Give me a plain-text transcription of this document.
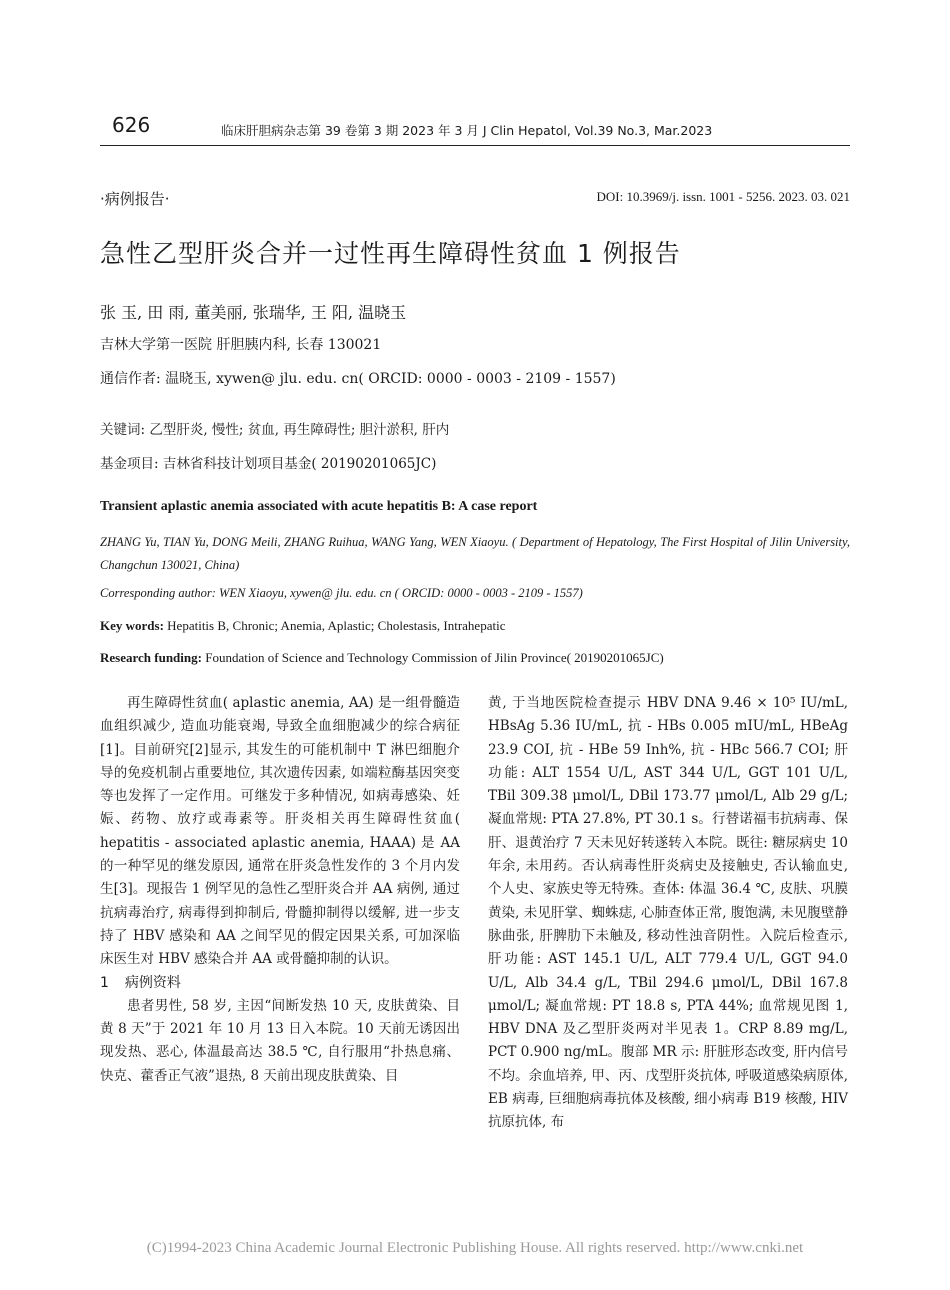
626	临床肝胆病杂志第 39 卷第 3 期 2023 年 3 月 J Clin Hepatol, Vol.39 No.3, Mar.2023
·病例报告·	DOI: 10.3969/j. issn. 1001 - 5256. 2023. 03. 021
急性乙型肝炎合并一过性再生障碍性贫血 1 例报告
张 玉, 田 雨, 董美丽, 张瑞华, 王 阳, 温晓玉
吉林大学第一医院 肝胆胰内科, 长春 130021
通信作者: 温晓玉, xywen@ jlu. edu. cn( ORCID: 0000 - 0003 - 2109 - 1557)
关键词: 乙型肝炎, 慢性; 贫血, 再生障碍性; 胆汁淤积, 肝内
基金项目: 吉林省科技计划项目基金( 20190201065JC)
Transient aplastic anemia associated with acute hepatitis B: A case report
ZHANG Yu, TIAN Yu, DONG Meili, ZHANG Ruihua, WANG Yang, WEN Xiaoyu. ( Department of Hepatology, The First Hospital of Jilin University, Changchun 130021, China)
Corresponding author: WEN Xiaoyu, xywen@ jlu. edu. cn ( ORCID: 0000 - 0003 - 2109 - 1557)
Key words: Hepatitis B, Chronic; Anemia, Aplastic; Cholestasis, Intrahepatic
Research funding: Foundation of Science and Technology Commission of Jilin Province( 20190201065JC)

再生障碍性贫血( aplastic anemia, AA) 是一组骨髓造血组织减少, 造血功能衰竭, 导致全血细胞减少的综合病征[1]。目前研究[2]显示, 其发生的可能机制中 T 淋巴细胞介导的免疫机制占重要地位, 其次遗传因素, 如端粒酶基因突变等也发挥了一定作用。可继发于多种情况, 如病毒感染、妊娠、药物、放疗或毒素等。肝炎相关再生障碍性贫血( hepatitis - associated aplastic anemia, HAAA) 是 AA 的一种罕见的继发原因, 通常在肝炎急性发作的 3 个月内发生[3]。现报告 1 例罕见的急性乙型肝炎合并 AA 病例, 通过抗病毒治疗, 病毒得到抑制后, 骨髓抑制得以缓解, 进一步支持了 HBV 感染和 AA 之间罕见的假定因果关系, 可加深临床医生对 HBV 感染合并 AA 或骨髓抑制的认识。

1 病例资料

患者男性, 58 岁, 主因“间断发热 10 天, 皮肤黄染、目黄 8 天”于 2021 年 10 月 13 日入本院。10 天前无诱因出现发热、恶心, 体温最高达 38.5 ℃, 自行服用“扑热息痛、快克、藿香正气液”退热, 8 天前出现皮肤黄染、目

黄, 于当地医院检查提示 HBV DNA 9.46 × 10⁵ IU/mL, HBsAg 5.36 IU/mL, 抗 - HBs 0.005 mIU/mL, HBeAg 23.9 COI, 抗 - HBe 59 Inh%, 抗 - HBc 566.7 COI; 肝功能: ALT 1554 U/L, AST 344 U/L, GGT 101 U/L, TBil 309.38 μmol/L, DBil 173.77 μmol/L, Alb 29 g/L; 凝血常规: PTA 27.8%, PT 30.1 s。行替诺福韦抗病毒、保肝、退黄治疗 7 天未见好转遂转入本院。既往: 糖尿病史 10 年余, 未用药。否认病毒性肝炎病史及接触史, 否认输血史, 个人史、家族史等无特殊。查体: 体温 36.4 ℃, 皮肤、巩膜黄染, 未见肝掌、蜘蛛痣, 心肺查体正常, 腹饱满, 未见腹壁静脉曲张, 肝脾肋下未触及, 移动性浊音阴性。入院后检查示, 肝功能: AST 145.1 U/L, ALT 779.4 U/L, GGT 94.0 U/L, Alb 34.4 g/L, TBil 294.6 μmol/L, DBil 167.8 μmol/L; 凝血常规: PT 18.8 s, PTA 44%; 血常规见图 1, HBV DNA 及乙型肝炎两对半见表 1。CRP 8.89 mg/L, PCT 0.900 ng/mL。腹部 MR 示: 肝脏形态改变, 肝内信号不均。余血培养, 甲、丙、戊型肝炎抗体, 呼吸道感染病原体, EB 病毒, 巨细胞病毒抗体及核酸, 细小病毒 B19 核酸, HIV 抗原抗体, 布

(C)1994-2023 China Academic Journal Electronic Publishing House. All rights reserved. http://www.cnki.net
